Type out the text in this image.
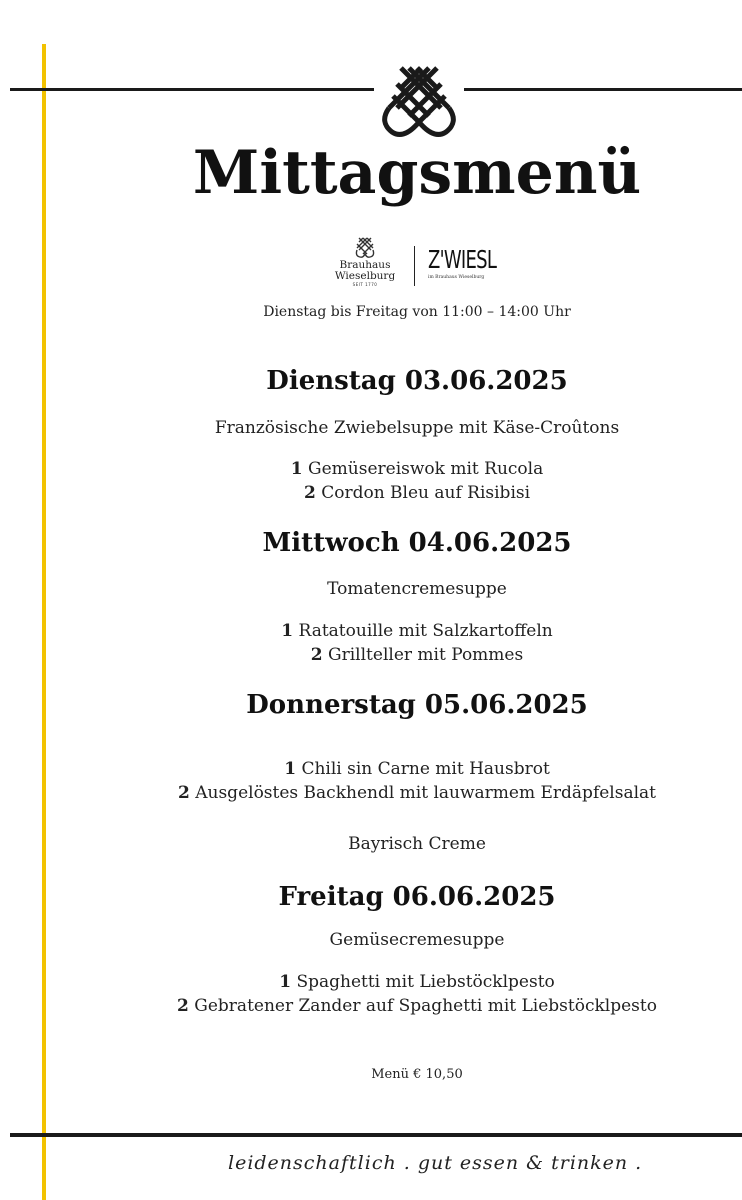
Mittagsmenü
Brauhaus
Wieselburg
SEIT 1770
Z'WIESL
im Brauhaus Wieselburg
Dienstag bis Freitag von 11:00 – 14:00 Uhr
Dienstag 03.06.2025
Französische Zwiebelsuppe mit Käse-Croûtons
1 Gemüsereiswok mit Rucola
2 Cordon Bleu auf Risibisi
Mittwoch 04.06.2025
Tomatencremesuppe
1 Ratatouille mit Salzkartoffeln
2 Grillteller mit Pommes
Donnerstag 05.06.2025
1 Chili sin Carne mit Hausbrot
2 Ausgelöstes Backhendl mit lauwarmem Erdäpfelsalat
Bayrisch Creme
Freitag 06.06.2025
Gemüsecremesuppe
1 Spaghetti mit Liebstöcklpesto
2 Gebratener Zander auf Spaghetti mit Liebstöcklpesto
Menü € 10,50
leidenschaftlich . gut essen & trinken .
